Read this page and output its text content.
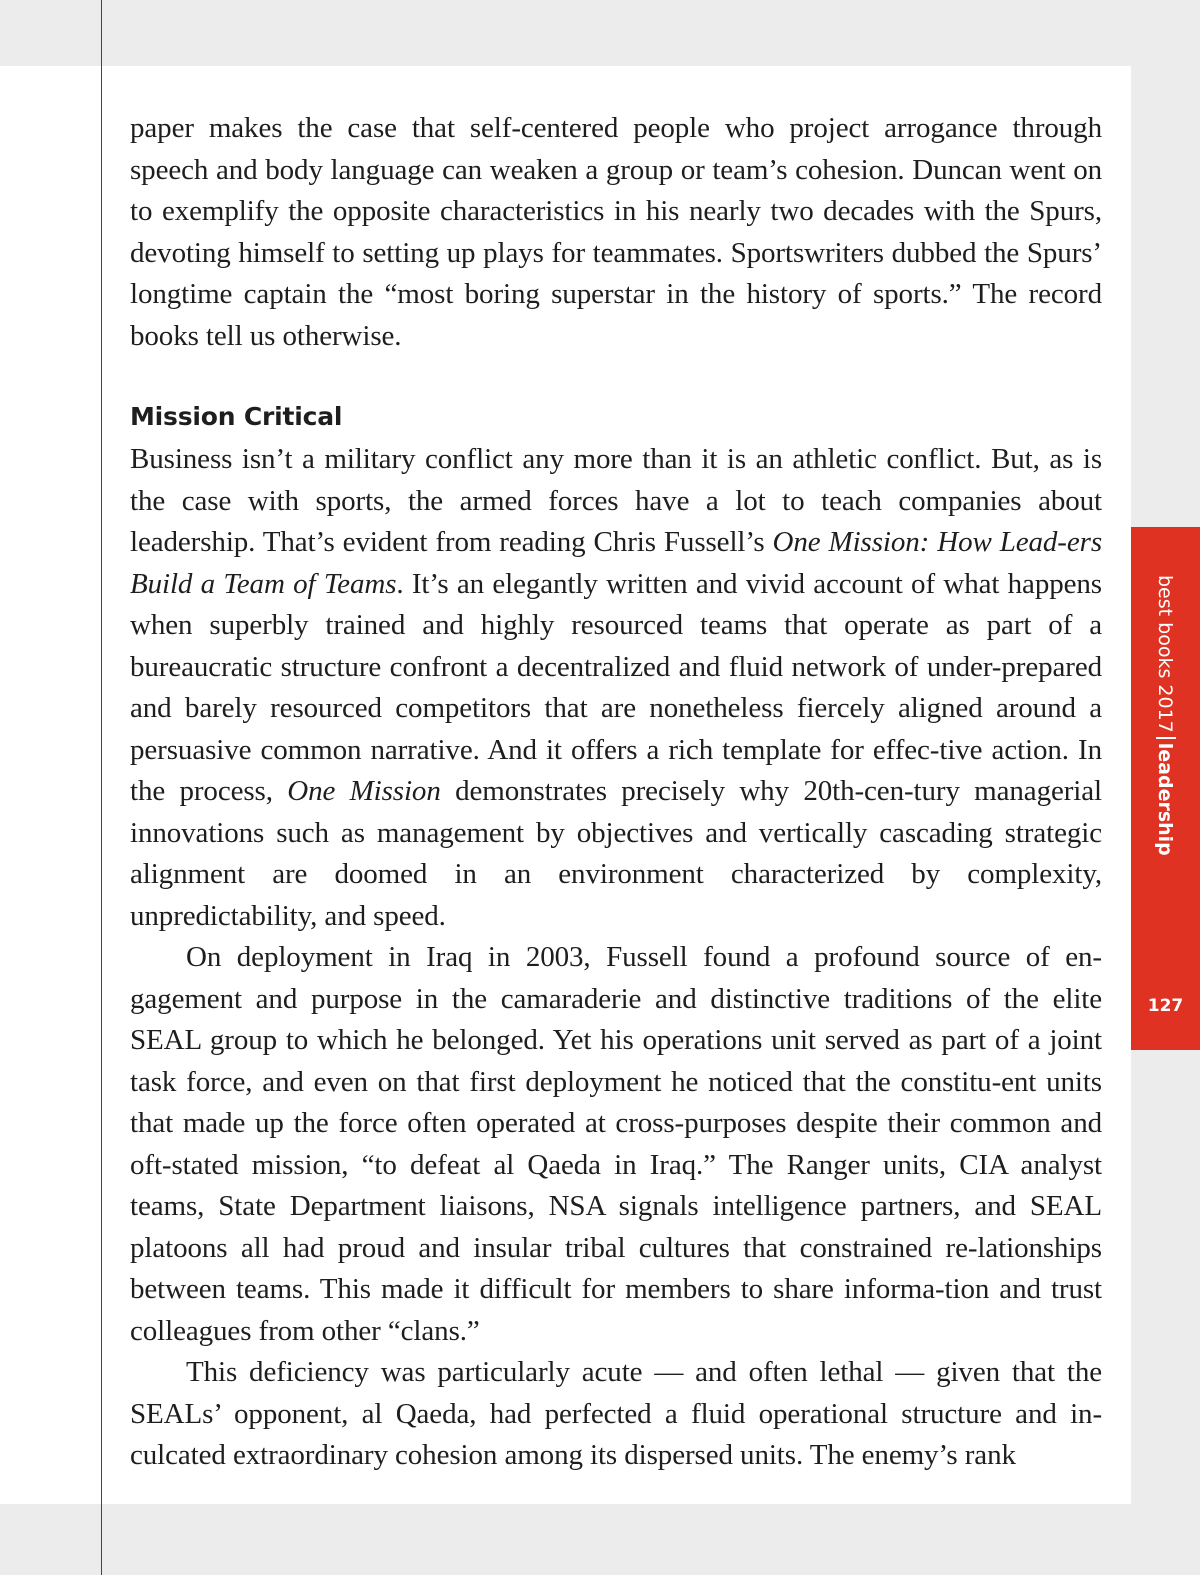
paper makes the case that self-centered people who project arrogance through speech and body language can weaken a group or team’s cohesion. Duncan went on to exemplify the opposite characteristics in his nearly two decades with the Spurs, devoting himself to setting up plays for teammates. Sportswriters dubbed the Spurs’ longtime captain the “most boring superstar in the history of sports.” The record books tell us otherwise.

Mission Critical

Business isn’t a military conflict any more than it is an athletic conflict. But, as is the case with sports, the armed forces have a lot to teach companies about leadership. That’s evident from reading Chris Fussell’s One Mission: How Lead-ers Build a Team of Teams. It’s an elegantly written and vivid account of what happens when superbly trained and highly resourced teams that operate as part of a bureaucratic structure confront a decentralized and fluid network of under-prepared and barely resourced competitors that are nonetheless fiercely aligned around a persuasive common narrative. And it offers a rich template for effec-tive action. In the process, One Mission demonstrates precisely why 20th-cen-tury managerial innovations such as management by objectives and vertically cascading strategic alignment are doomed in an environment characterized by complexity, unpredictability, and speed.

On deployment in Iraq in 2003, Fussell found a profound source of en-gagement and purpose in the camaraderie and distinctive traditions of the elite SEAL group to which he belonged. Yet his operations unit served as part of a joint task force, and even on that first deployment he noticed that the constitu-ent units that made up the force often operated at cross-purposes despite their common and oft-stated mission, “to defeat al Qaeda in Iraq.” The Ranger units, CIA analyst teams, State Department liaisons, NSA signals intelligence partners, and SEAL platoons all had proud and insular tribal cultures that constrained re-lationships between teams. This made it difficult for members to share informa-tion and trust colleagues from other “clans.”

This deficiency was particularly acute — and often lethal — given that the SEALs’ opponent, al Qaeda, had perfected a fluid operational structure and in-culcated extraordinary cohesion among its dispersed units. The enemy’s rank

best books 2017leadership
127
